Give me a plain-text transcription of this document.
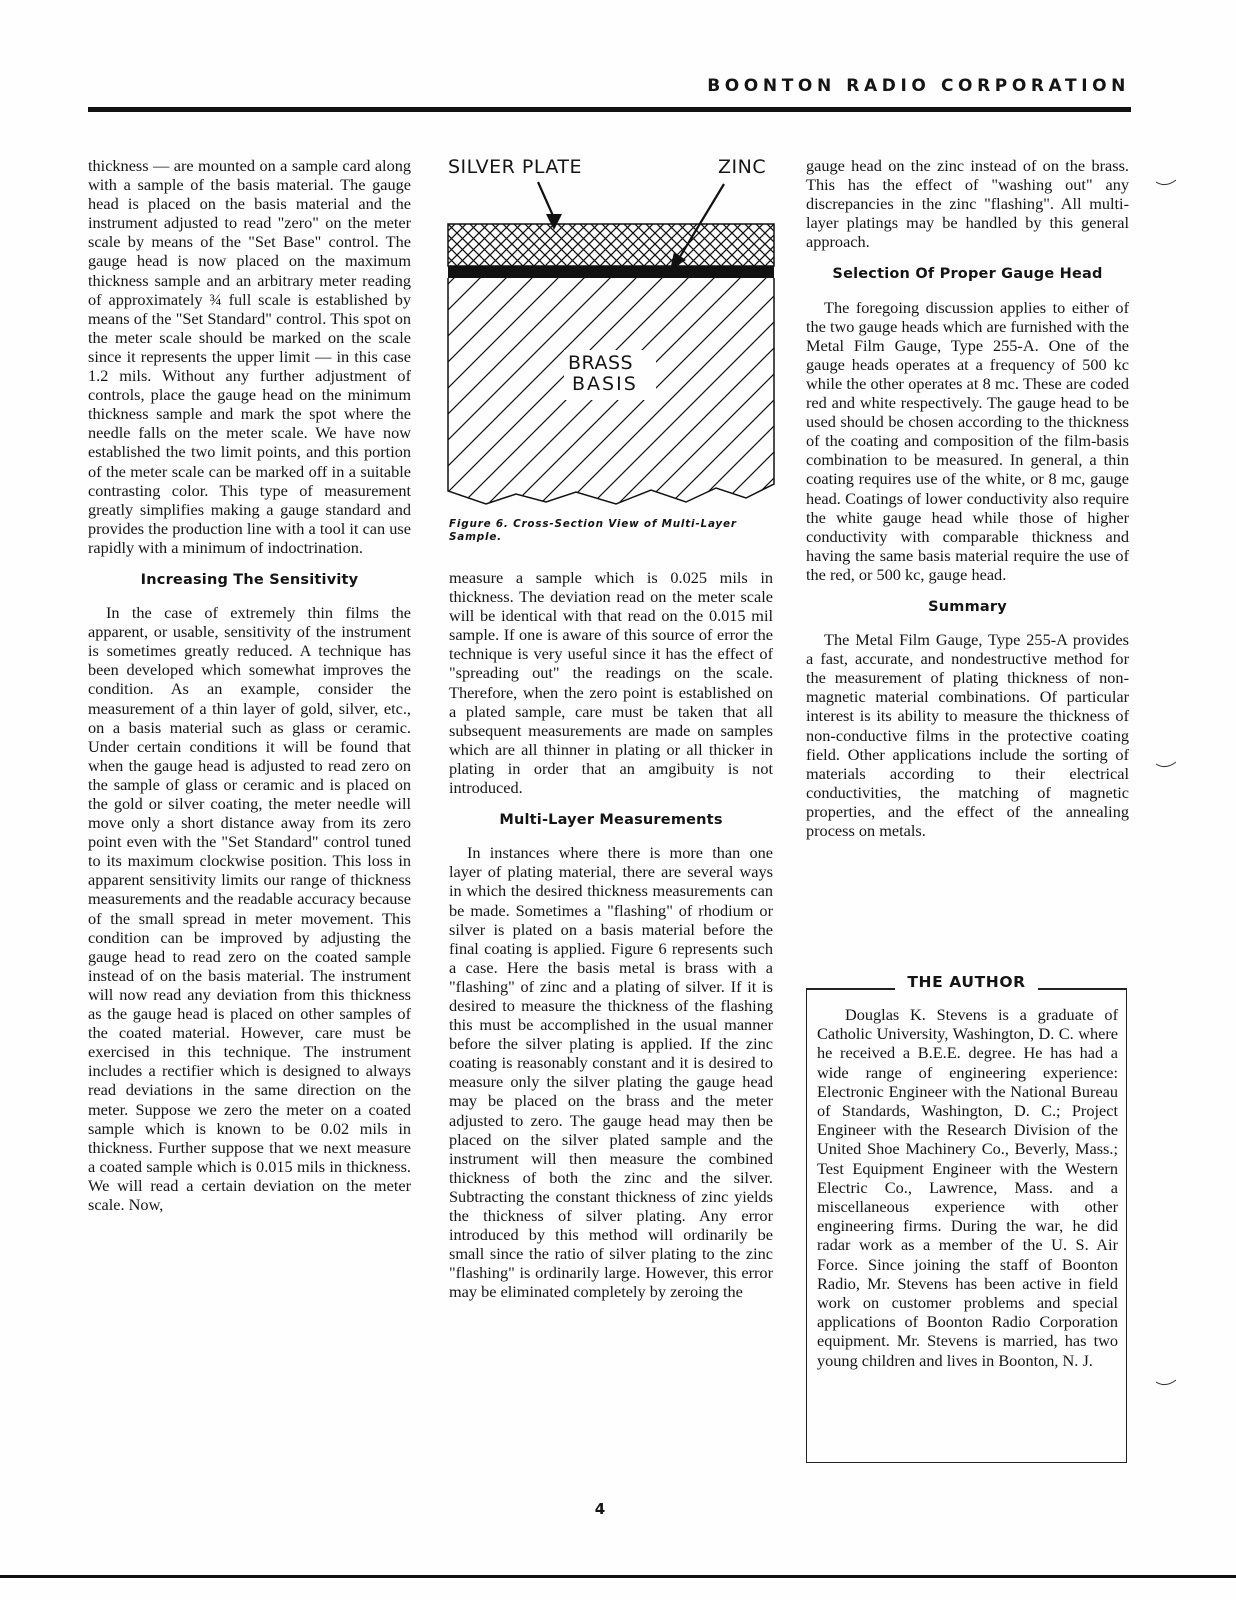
BOONTON RADIO CORPORATION

thickness — are mounted on a sample card along with a sample of the basis material. The gauge head is placed on the basis material and the instrument adjusted to read "zero" on the meter scale by means of the "Set Base" control. The gauge head is now placed on the maximum thickness sample and an arbitrary meter reading of approximately ¾ full scale is established by means of the "Set Standard" control. This spot on the meter scale should be marked on the scale since it represents the upper limit — in this case 1.2 mils. Without any further adjustment of controls, place the gauge head on the minimum thickness sample and mark the spot where the needle falls on the meter scale. We have now established the two limit points, and this portion of the meter scale can be marked off in a suitable contrasting color. This type of measurement greatly simplifies making a gauge standard and provides the production line with a tool it can use rapidly with a minimum of indoctrination.

Increasing The Sensitivity

In the case of extremely thin films the apparent, or usable, sensitivity of the instrument is sometimes greatly reduced. A technique has been developed which somewhat improves the condition. As an example, consider the measurement of a thin layer of gold, silver, etc., on a basis material such as glass or ceramic. Under certain conditions it will be found that when the gauge head is adjusted to read zero on the sample of glass or ceramic and is placed on the gold or silver coating, the meter needle will move only a short distance away from its zero point even with the "Set Standard" control tuned to its maximum clockwise position. This loss in apparent sensitivity limits our range of thickness measurements and the readable accuracy because of the small spread in meter movement. This condition can be improved by adjusting the gauge head to read zero on the coated sample instead of on the basis material. The instrument will now read any deviation from this thickness as the gauge head is placed on other samples of the coated material. However, care must be exercised in this technique. The instrument includes a rectifier which is designed to always read deviations in the same direction on the meter. Suppose we zero the meter on a coated sample which is known to be 0.02 mils in thickness. Further suppose that we next measure a coated sample which is 0.015 mils in thickness. We will read a certain deviation on the meter scale. Now,

SILVER PLATE	ZINC
BRASS
BASIS
Figure 6. Cross-Section View of Multi-Layer Sample.

measure a sample which is 0.025 mils in thickness. The deviation read on the meter scale will be identical with that read on the 0.015 mil sample. If one is aware of this source of error the technique is very useful since it has the effect of "spreading out" the readings on the scale. Therefore, when the zero point is established on a plated sample, care must be taken that all subsequent measurements are made on samples which are all thinner in plating or all thicker in plating in order that an amgibuity is not introduced.

Multi-Layer Measurements

In instances where there is more than one layer of plating material, there are several ways in which the desired thickness measurements can be made. Sometimes a "flashing" of rhodium or silver is plated on a basis material before the final coating is applied. Figure 6 represents such a case. Here the basis metal is brass with a "flashing" of zinc and a plating of silver. If it is desired to measure the thickness of the flashing this must be accomplished in the usual manner before the silver plating is applied. If the zinc coating is reasonably constant and it is desired to measure only the silver plating the gauge head may be placed on the brass and the meter adjusted to zero. The gauge head may then be placed on the silver plated sample and the instrument will then measure the combined thickness of both the zinc and the silver. Subtracting the constant thickness of zinc yields the thickness of silver plating. Any error introduced by this method will ordinarily be small since the ratio of silver plating to the zinc "flashing" is ordinarily large. However, this error may be eliminated completely by zeroing the

gauge head on the zinc instead of on the brass. This has the effect of "washing out" any discrepancies in the zinc "flashing". All multi-layer platings may be handled by this general approach.

Selection Of Proper Gauge Head

The foregoing discussion applies to either of the two gauge heads which are furnished with the Metal Film Gauge, Type 255-A. One of the gauge heads operates at a frequency of 500 kc while the other operates at 8 mc. These are coded red and white respectively. The gauge head to be used should be chosen according to the thickness of the coating and composition of the film-basis combination to be measured. In general, a thin coating requires use of the white, or 8 mc, gauge head. Coatings of lower conductivity also require the white gauge head while those of higher conductivity with comparable thickness and having the same basis material require the use of the red, or 500 kc, gauge head.

Summary

The Metal Film Gauge, Type 255-A provides a fast, accurate, and nondestructive method for the measurement of plating thickness of non-magnetic material combinations. Of particular interest is its ability to measure the thickness of non-conductive films in the protective coating field. Other applications include the sorting of materials according to their electrical conductivities, the matching of magnetic properties, and the effect of the annealing process on metals.

THE AUTHOR

Douglas K. Stevens is a graduate of Catholic University, Washington, D. C. where he received a B.E.E. degree. He has had a wide range of engineering experience: Electronic Engineer with the National Bureau of Standards, Washington, D. C.; Project Engineer with the Research Division of the United Shoe Machinery Co., Beverly, Mass.; Test Equipment Engineer with the Western Electric Co., Lawrence, Mass. and a miscellaneous experience with other engineering firms. During the war, he did radar work as a member of the U. S. Air Force. Since joining the staff of Boonton Radio, Mr. Stevens has been active in field work on customer problems and special applications of Boonton Radio Corporation equipment. Mr. Stevens is married, has two young children and lives in Boonton, N. J.

4
